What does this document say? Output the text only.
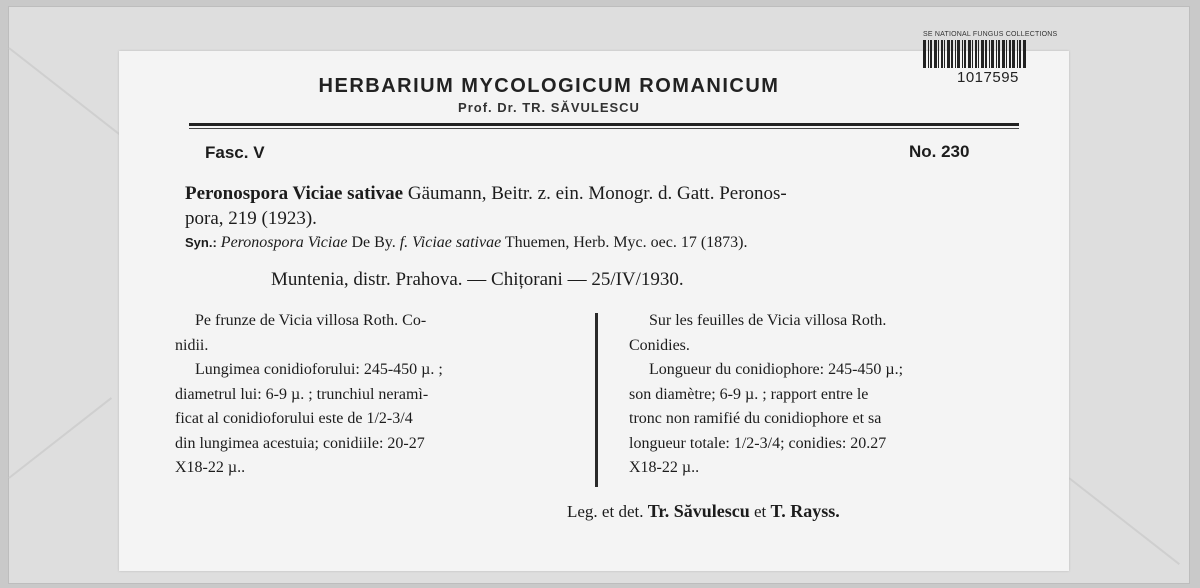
SE NATIONAL FUNGUS COLLECTIONS
1017595
HERBARIUM MYCOLOGICUM ROMANICUM
Prof. Dr. TR. SĂVULESCU
Fasc. V	No. 230
Peronospora Viciae sativae Gäumann, Beitr. z. ein. Monogr. d. Gatt. Peronos-
pora, 219 (1923).
Syn.: Peronospora Viciae De By. f. Viciae sativae Thuemen, Herb. Myc. oec. 17 (1873).
Muntenia, distr. Prahova. — Chițorani — 25/IV/1930.

Pe frunze de Vicia villosa Roth. Co-

nidii.

Lungimea conidioforului: 245-450 µ. ;

diametrul lui: 6-9 µ. ; trunchiul neramì-

ficat al conidioforului este de 1/2-3/4

din lungimea acestuia; conidiile: 20-27

X18-22 µ..

Sur les feuilles de Vicia villosa Roth.

Conidies.

Longueur du conidiophore: 245-450 µ.;

son diamètre; 6-9 µ. ; rapport entre le

tronc non ramifié du conidiophore et sa

longueur totale: 1/2-3/4; conidies: 20.27

X18-22 µ..

Leg. et det. Tr. Săvulescu et T. Rayss.
